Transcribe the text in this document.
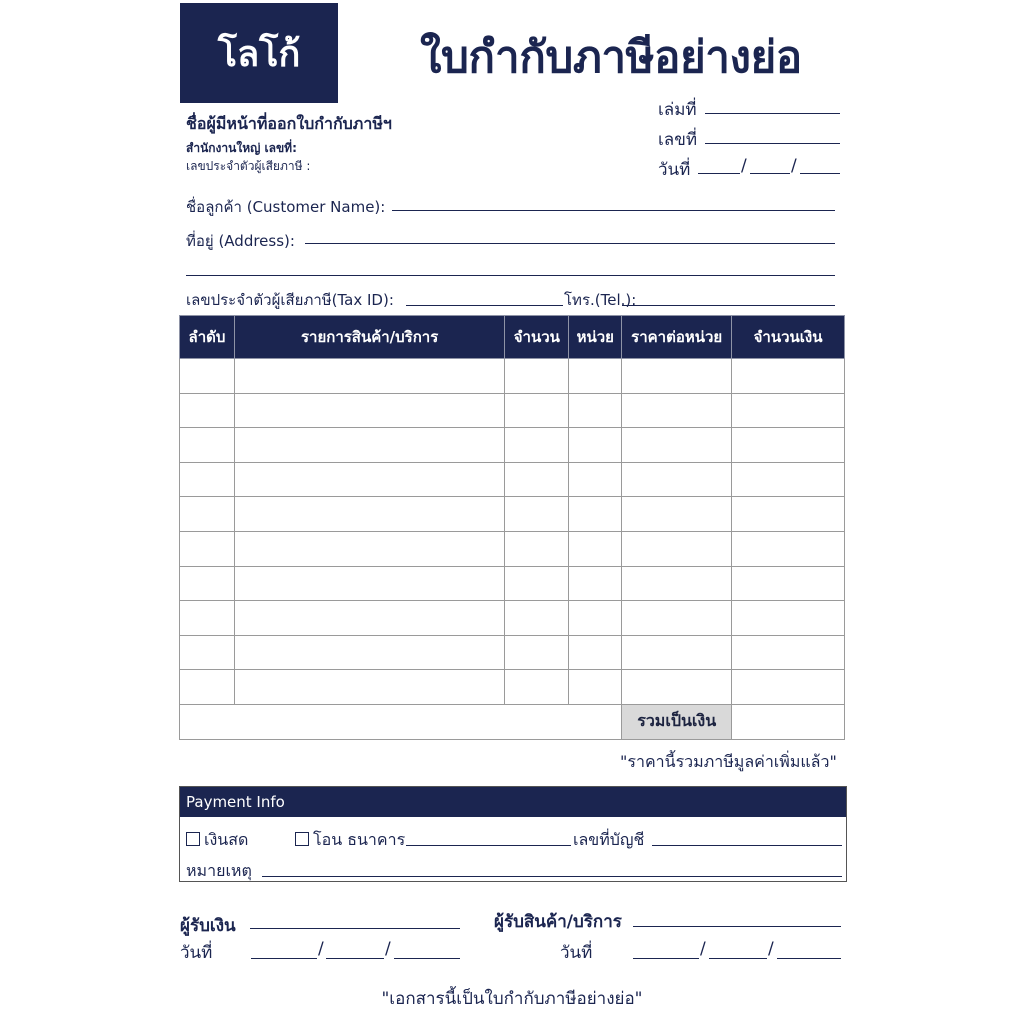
โลโก้	ใบกำกับภาษีอย่างย่อ
ชื่อผู้มีหน้าที่ออกใบกำกับภาษีฯ
สำนักงานใหญ่ เลขที่:
เลขประจำตัวผู้เสียภาษี :
เล่มที่
เลขที่
วันที่	/	/
ชื่อลูกค้า (Customer Name):
ที่อยู่ (Address):
เลขประจำตัวผู้เสียภาษี(Tax ID):	โทร.(Tel.):
ลำดับ	รายการสินค้า/บริการ	จำนวน	หน่วย	ราคาต่อหน่วย	จำนวนเงิน

				รวมเป็นเงิน	
"ราคานี้รวมภาษีมูลค่าเพิ่มแล้ว"
Payment Info
เงินสด	โอน ธนาคาร	เลขที่บัญชี
หมายเหตุ
ผู้รับเงิน
วันที่	/	/
ผู้รับสินค้า/บริการ
วันที่	/	/
"เอกสารนี้เป็นใบกำกับภาษีอย่างย่อ"
